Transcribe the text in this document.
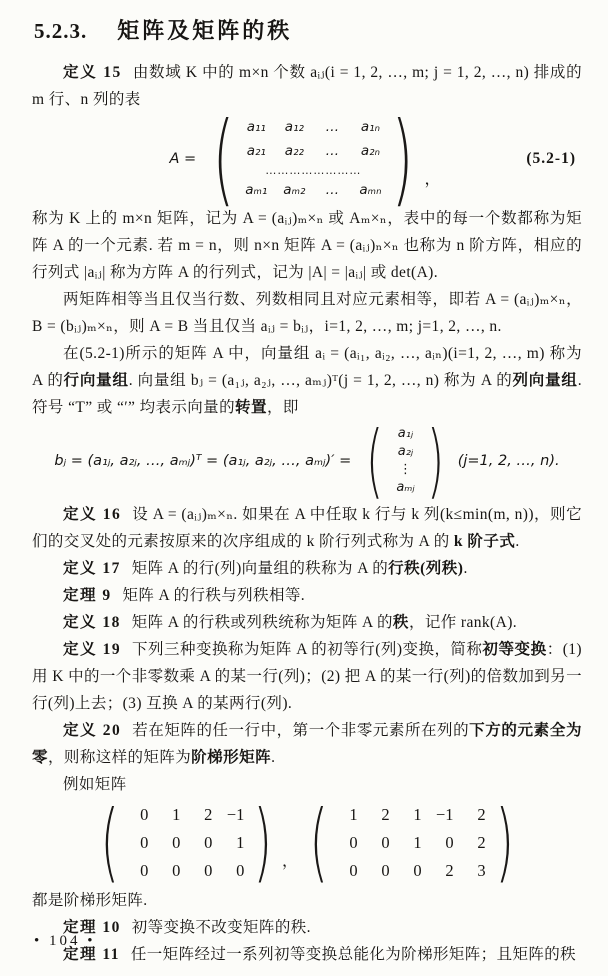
5.2.3. 矩阵及矩阵的秩

定义 15 由数域 K 中的 m×n 个数 aᵢⱼ(i = 1, 2, …, m; j = 1, 2, …, n) 排成的 m 行、n 列的表

A = ( a₁₁ a₁₂	…	a₁ₙ
a₂₁ a₂₂	…	a₂ₙ
……………………
aₘ₁ aₘ₂	…	aₘₙ ) ，
(5.2-1)

称为 K 上的 m×n 矩阵，记为 A = (aᵢⱼ)ₘ×ₙ 或 Aₘ×ₙ，表中的每一个数都称为矩阵 A 的一个元素. 若 m = n，则 n×n 矩阵 A = (aᵢⱼ)ₙ×ₙ 也称为 n 阶方阵，相应的行列式 |aᵢⱼ| 称为方阵 A 的行列式，记为 |A| = |aᵢⱼ| 或 det(A).

两矩阵相等当且仅当行数、列数相同且对应元素相等，即若 A = (aᵢⱼ)ₘ×ₙ，B = (bᵢⱼ)ₘ×ₙ，则 A = B 当且仅当 aᵢⱼ = bᵢⱼ，i=1, 2, …, m; j=1, 2, …, n.

在(5.2-1)所示的矩阵 A 中，向量组 aᵢ = (aᵢ₁, aᵢ₂, …, aᵢₙ)(i=1, 2, …, m) 称为 A 的行向量组. 向量组 bⱼ = (a₁ⱼ, a₂ⱼ, …, aₘⱼ)ᵀ(j = 1, 2, …, n) 称为 A 的列向量组. 符号 “T” 或 “′” 均表示向量的转置，即

bⱼ = (a₁ⱼ, a₂ⱼ, …, aₘⱼ)ᵀ = (a₁ⱼ, a₂ⱼ, …, aₘⱼ)′ = (	a₁ⱼ
a₂ⱼ
⋮
aₘⱼ ) (j=1, 2, …, n).

定义 16 设 A = (aᵢⱼ)ₘ×ₙ. 如果在 A 中任取 k 行与 k 列(k≤min(m, n))，则它们的交叉处的元素按原来的次序组成的 k 阶行列式称为 A 的 k 阶子式.

定义 17 矩阵 A 的行(列)向量组的秩称为 A 的行秩(列秩).

定理 9 矩阵 A 的行秩与列秩相等.

定义 18 矩阵 A 的行秩或列秩统称为矩阵 A 的秩，记作 rank(A).

定义 19 下列三种变换称为矩阵 A 的初等行(列)变换，简称初等变换：(1) 用 K 中的一个非零数乘 A 的某一行(列)；(2) 把 A 的某一行(列)的倍数加到另一行(列)上去；(3) 互换 A 的某两行(列).

定义 20 若在矩阵的任一行中，第一个非零元素所在列的下方的元素全为零，则称这样的矩阵为阶梯形矩阵.

例如矩阵

(	0	1	2 −1
0	0	0	1
0	0	0	0 ) ， (	1	2	1 −1	2
0	0	1	0	2
0	0	0	2	3 )

都是阶梯形矩阵.

定理 10 初等变换不改变矩阵的秩.

定理 11 任一矩阵经过一系列初等变换总能化为阶梯形矩阵；且矩阵的秩

• 104 •
